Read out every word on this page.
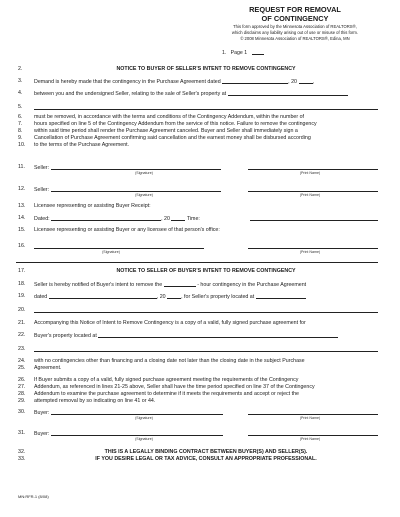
REQUEST FOR REMOVAL
OF CONTINGENCY
This form approved by the Minnesota Association of REALTORS®,
which disclaims any liability arising out of use or misuse of this form.
© 2008 Minnesota Association of REALTORS®, Edina, MN
1. Page 1
2.	NOTICE TO BUYER OF SELLER'S INTENT TO REMOVE CONTINGENCY
3.	Demand is hereby made that the contingency in the Purchase Agreement dated	, 20	,
4.	between you and the undersigned Seller, relating to the sale of Seller's property at
5.
6.	must be removed, in accordance with the terms and conditions of the Contingency Addendum, within the number of
7.	hours specified on line 5 of the Contingency Addendum from the service of this notice. Failure to remove the contingency
8.	within said time period shall render the Purchase Agreement canceled. Buyer and Seller shall immediately sign a
9.	Cancellation of Purchase Agreement confirming said cancellation and the earnest money shall be disbursed according
10.	to the terms of the Purchase Agreement.
11.	Seller:
(Signature)	(Print Name)
12.	Seller:
(Signature)	(Print Name)
13.	Licensee representing or assisting Buyer Receipt:
14.	Dated:	, 20	Time:
15.	Licensee representing or assisting Buyer or any licensee of that person's office:
16.
(Signature)	(Print Name)
17.	NOTICE TO SELLER OF BUYER'S INTENT TO REMOVE CONTINGENCY
18.	Seller is hereby notified of Buyer's intent to remove the	- hour contingency in the Purchase Agreement
19.	dated	, 20	, for Seller's property located at
20.
21.	Accompanying this Notice of Intent to Remove Contingency is a copy of a valid, fully signed purchase agreement for
22.	Buyer's property located at
23.
24.	with no contingencies other than financing and a closing date not later than the closing date in the subject Purchase
25.	Agreement.
26.	If Buyer submits a copy of a valid, fully signed purchase agreement meeting the requirements of the Contingency
27.	Addendum, as referenced in lines 21-25 above, Seller shall have the time period specified on line 37 of the Contingency
28.	Addendum to examine the purchase agreement to determine if it meets the requirements and accept or reject the
29.	attempted removal by so indicating on line 41 or 44.
30.	Buyer:
(Signature)	(Print Name)
31.	Buyer:
(Signature)	(Print Name)
32.	THIS IS A LEGALLY BINDING CONTRACT BETWEEN BUYER(S) AND SELLER(S).
33.	IF YOU DESIRE LEGAL OR TAX ADVICE, CONSULT AN APPROPRIATE PROFESSIONAL.
MN:RFR-1 (8/08)
